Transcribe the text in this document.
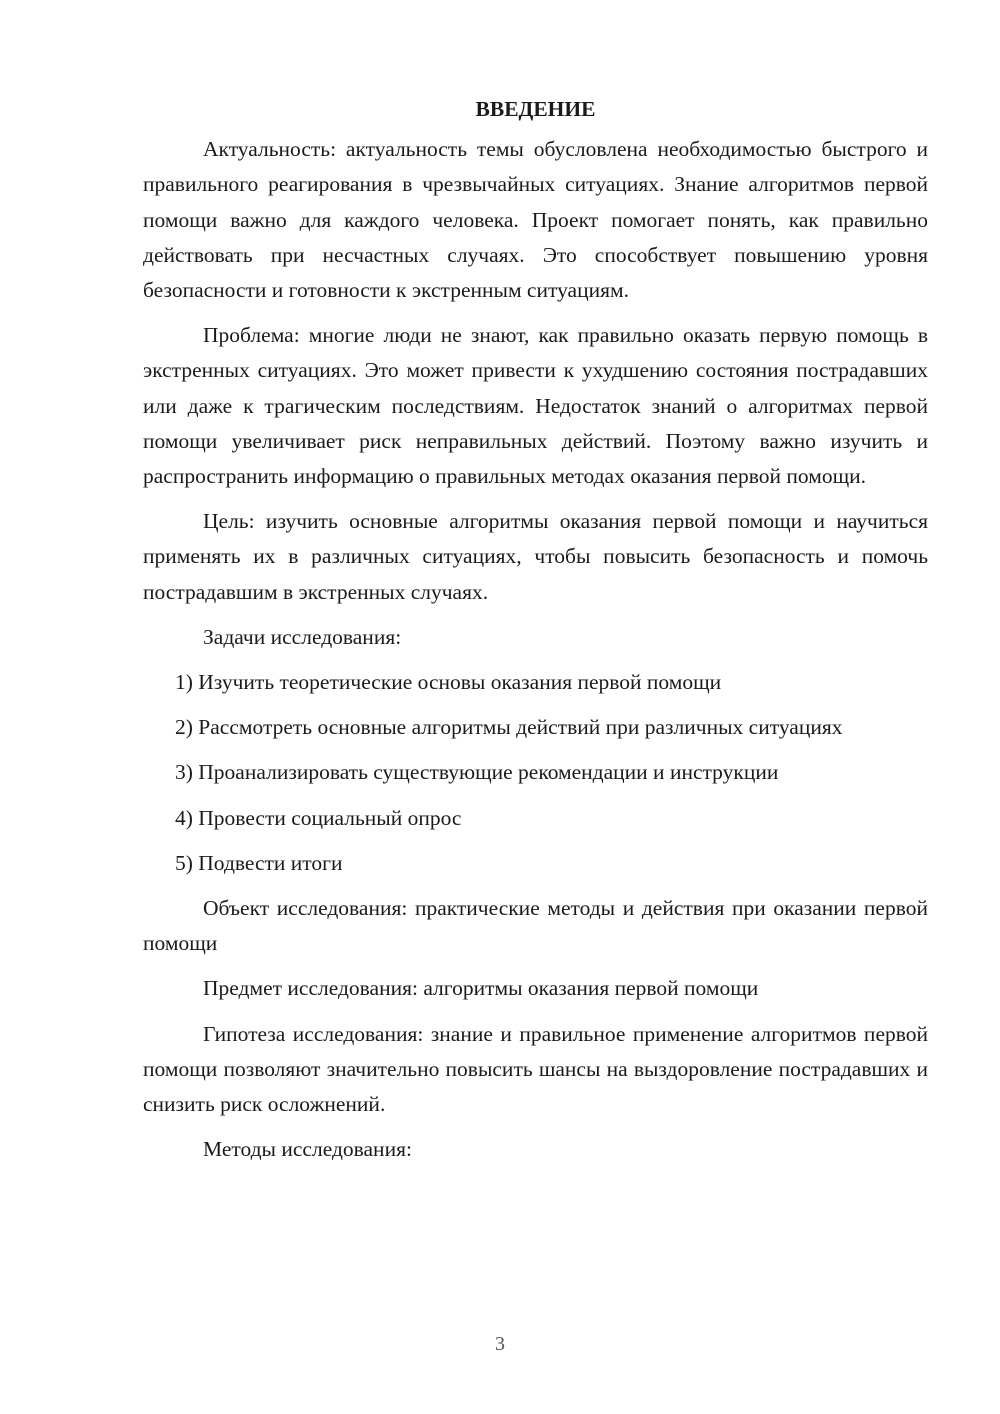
ВВЕДЕНИЕ

Актуальность: актуальность темы обусловлена необходимостью быстрого и правильного реагирования в чрезвычайных ситуациях. Знание алгоритмов первой помощи важно для каждого человека. Проект помогает понять, как правильно действовать при несчастных случаях. Это способствует повышению уровня безопасности и готовности к экстренным ситуациям.

Проблема: многие люди не знают, как правильно оказать первую помощь в экстренных ситуациях. Это может привести к ухудшению состояния пострадавших или даже к трагическим последствиям. Недостаток знаний о алгоритмах первой помощи увеличивает риск неправильных действий. Поэтому важно изучить и распространить информацию о правильных методах оказания первой помощи.

Цель: изучить основные алгоритмы оказания первой помощи и научиться применять их в различных ситуациях, чтобы повысить безопасность и помочь пострадавшим в экстренных случаях.

Задачи исследования:

1) Изучить теоретические основы оказания первой помощи

2) Рассмотреть основные алгоритмы действий при различных ситуациях

3) Проанализировать существующие рекомендации и инструкции

4) Провести социальный опрос

5) Подвести итоги

Объект исследования: практические методы и действия при оказании первой помощи

Предмет исследования: алгоритмы оказания первой помощи

Гипотеза исследования: знание и правильное применение алгоритмов первой помощи позволяют значительно повысить шансы на выздоровление пострадавших и снизить риск осложнений.

Методы исследования:

3
